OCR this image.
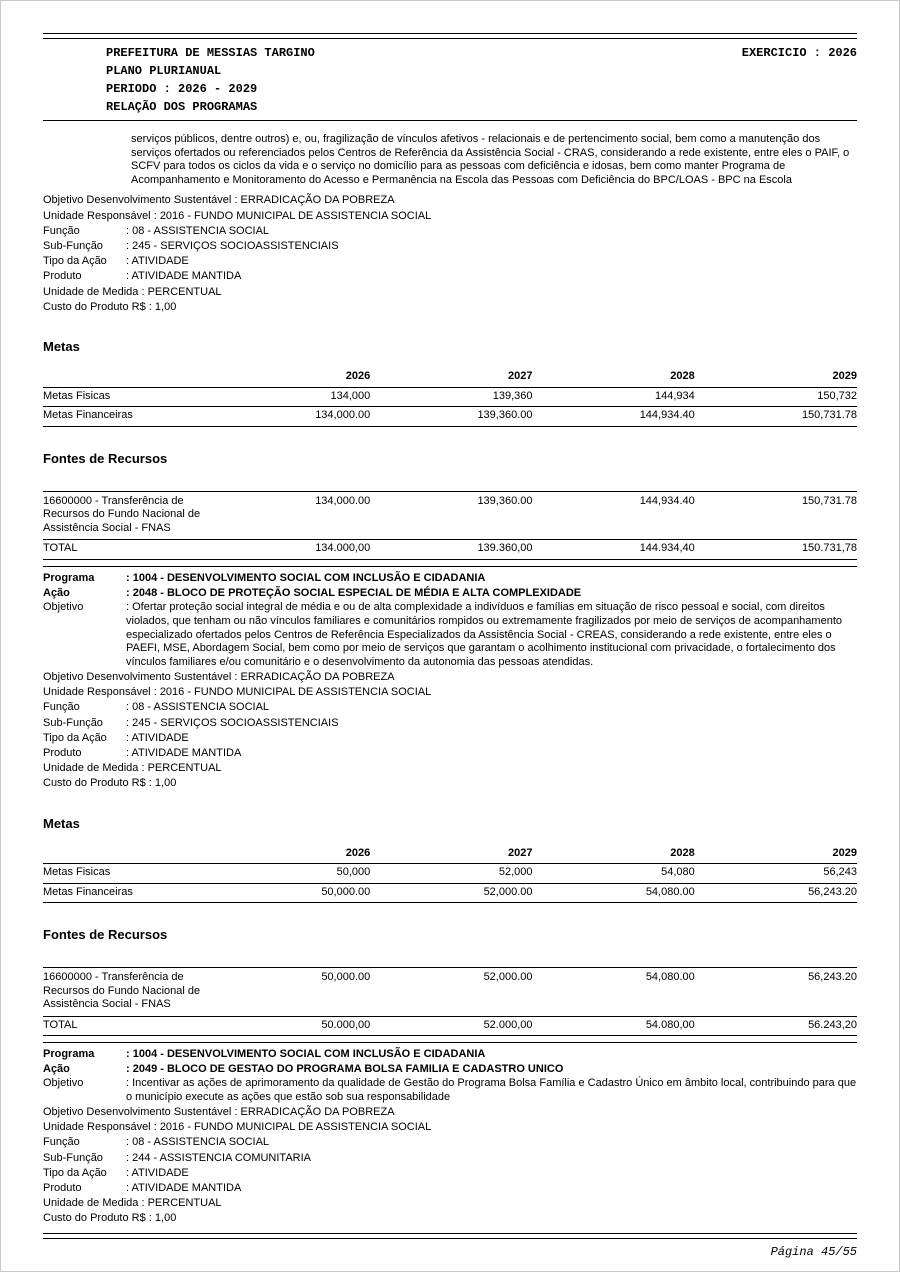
PREFEITURA DE MESSIAS TARGINO	EXERCICIO : 2026
PLANO PLURIANUAL
PERIODO : 2026 - 2029
RELAÇÃO DOS PROGRAMAS

serviços públicos, dentre outros) e, ou, fragilização de vínculos afetivos - relacionais e de pertencimento social, bem como a manutenção dos serviços ofertados ou referenciados pelos Centros de Referência da Assistência Social - CRAS, considerando a rede existente, entre eles o PAIF, o SCFV para todos os ciclos da vida e o serviço no domicílio para as pessoas com deficiência e idosas, bem como manter Programa de Acompanhamento e Monitoramento do Acesso e Permanência na Escola das Pessoas com Deficiência do BPC/LOAS - BPC na Escola

Objetivo Desenvolvimento Sustentável : ERRADICAÇÃO DA POBREZA
Unidade Responsável : 2016 - FUNDO MUNICIPAL DE ASSISTENCIA SOCIAL
Função	: 08 - ASSISTENCIA SOCIAL
Sub-Função	: 245 - SERVIÇOS SOCIOASSISTENCIAIS
Tipo da Ação	: ATIVIDADE
Produto	: ATIVIDADE MANTIDA
Unidade de Medida : PERCENTUAL
Custo do Produto R$ : 1,00
Metas
	2026	2027	2028	2029
Metas Fisicas	134,000	139,360	144,934	150,732
Metas Financeiras	134,000.00	139,360.00	144,934.40	150,731.78
Fontes de Recursos
16600000 - Transferência de Recursos do Fundo Nacional de Assistência Social - FNAS	134,000.00	139,360.00	144,934.40	150,731.78
TOTAL	134.000,00	139.360,00	144.934,40	150.731,78
Programa	: 1004 - DESENVOLVIMENTO SOCIAL COM INCLUSÃO E CIDADANIA
Ação	: 2048 - BLOCO DE PROTEÇÃO SOCIAL ESPECIAL DE MÉDIA E ALTA COMPLEXIDADE
Objetivo	: Ofertar proteção social integral de média e ou de alta complexidade a indivíduos e famílias em situação de risco pessoal e social, com direitos violados, que tenham ou não vínculos familiares e comunitários rompidos ou extremamente fragilizados por meio de serviços de acompanhamento especializado ofertados pelos Centros de Referência Especializados da Assistência Social - CREAS, considerando a rede existente, entre eles o PAEFI, MSE, Abordagem Social, bem como por meio de serviços que garantam o acolhimento institucional com privacidade, o fortalecimento dos vínculos familiares e/ou comunitário e o desenvolvimento da autonomia das pessoas atendidas.
Objetivo Desenvolvimento Sustentável : ERRADICAÇÃO DA POBREZA
Unidade Responsável : 2016 - FUNDO MUNICIPAL DE ASSISTENCIA SOCIAL
Função	: 08 - ASSISTENCIA SOCIAL
Sub-Função	: 245 - SERVIÇOS SOCIOASSISTENCIAIS
Tipo da Ação	: ATIVIDADE
Produto	: ATIVIDADE MANTIDA
Unidade de Medida : PERCENTUAL
Custo do Produto R$ : 1,00
Metas
	2026	2027	2028	2029
Metas Fisicas	50,000	52,000	54,080	56,243
Metas Financeiras	50,000.00	52,000.00	54,080.00	56,243.20
Fontes de Recursos
16600000 - Transferência de Recursos do Fundo Nacional de Assistência Social - FNAS	50,000.00	52,000.00	54,080.00	56,243.20
TOTAL	50.000,00	52.000,00	54.080,00	56.243,20
Programa	: 1004 - DESENVOLVIMENTO SOCIAL COM INCLUSÃO E CIDADANIA
Ação	: 2049 - BLOCO DE GESTAO DO PROGRAMA BOLSA FAMILIA E CADASTRO UNICO
Objetivo	: Incentivar as ações de aprimoramento da qualidade de Gestão do Programa Bolsa Família e Cadastro Único em âmbito local, contribuindo para que o município execute as ações que estão sob sua responsabilidade
Objetivo Desenvolvimento Sustentável : ERRADICAÇÃO DA POBREZA
Unidade Responsável : 2016 - FUNDO MUNICIPAL DE ASSISTENCIA SOCIAL
Função	: 08 - ASSISTENCIA SOCIAL
Sub-Função	: 244 - ASSISTENCIA COMUNITARIA
Tipo da Ação	: ATIVIDADE
Produto	: ATIVIDADE MANTIDA
Unidade de Medida : PERCENTUAL
Custo do Produto R$ : 1,00
Página 45/55
